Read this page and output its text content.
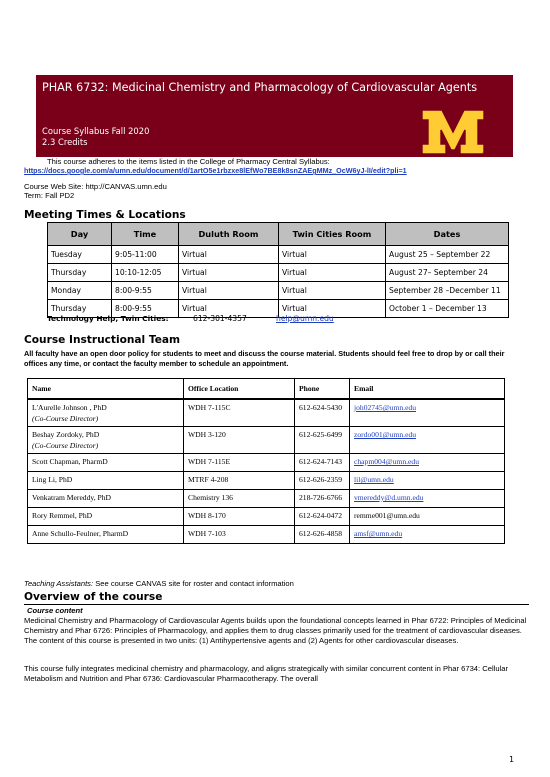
PHAR 6732: Medicinal Chemistry and Pharmacology of Cardiovascular Agents
Course Syllabus Fall 2020
2.3 Credits
®
This course adheres to the items listed in the College of Pharmacy Central Syllabus:
https://docs.google.com/a/umn.edu/document/d/1artO5e1rbzxe8lEfWo7BE8k8snZAEgMMz_OcW6yJ-lI/edit?pli=1
Course Web Site: http://CANVAS.umn.edu
Term: Fall PD2
Meeting Times & Locations
Day	Time	Duluth Room	Twin Cities Room	Dates
Tuesday	9:05-11:00	Virtual	Virtual	August 25 – September 22
Thursday	10:10-12:05	Virtual	Virtual	August 27– September 24
Monday	8:00-9:55	Virtual	Virtual	September 28 –December 11
Thursday	8:00-9:55	Virtual	Virtual	October 1 – December 13
Technology Help, Twin Cities:	612-301-4357	help@umn.edu
Course Instructional Team
All faculty have an open door policy for students to meet and discuss the course material. Students should feel free to drop by or call their offices any time, or contact the faculty member to schedule an appointment.
Name	Office Location	Phone	Email

L'Aurelle Johnson , PhD
(Co-Course Director)	WDH 7-115C	612-624-5430	joh02745@umn.edu

Beshay Zordoky, PhD
(Co-Course Director)	WDH 3-120	612-625-6499	zordo001@umn.edu
Scott Chapman, PharmD	WDH 7-115E	612-624-7143	chapm004@umn.edu
Ling Li, PhD	MTRF 4-208	612-626-2359	lil@umn.edu
Venkatram Mereddy, PhD	Chemistry 136	218-726-6766	vmereddy@d.umn.edu
Rory Remmel, PhD	WDH 8-170	612-624-0472	remme001@umn.edu
Anne Schullo-Feulner, PharmD	WDH 7-103	612-626-4858	amsf@umn.edu
Teaching Assistants: See course CANVAS site for roster and contact information
Overview of the course
Course content
Medicinal Chemistry and Pharmacology of Cardiovascular Agents builds upon the foundational concepts learned in Phar 6722: Principles of Medicinal Chemistry and Phar 6726: Principles of Pharmacology, and applies them to drug classes primarily used for the treatment of cardiovascular diseases. The content of this course is presented in two units: (1) Antihypertensive agents and (2) Agents for other cardiovascular diseases.
This course fully integrates medicinal chemistry and pharmacology, and aligns strategically with similar concurrent content in Phar 6734: Cellular Metabolism and Nutrition and Phar 6736: Cardiovascular Pharmacotherapy. The overall
1
